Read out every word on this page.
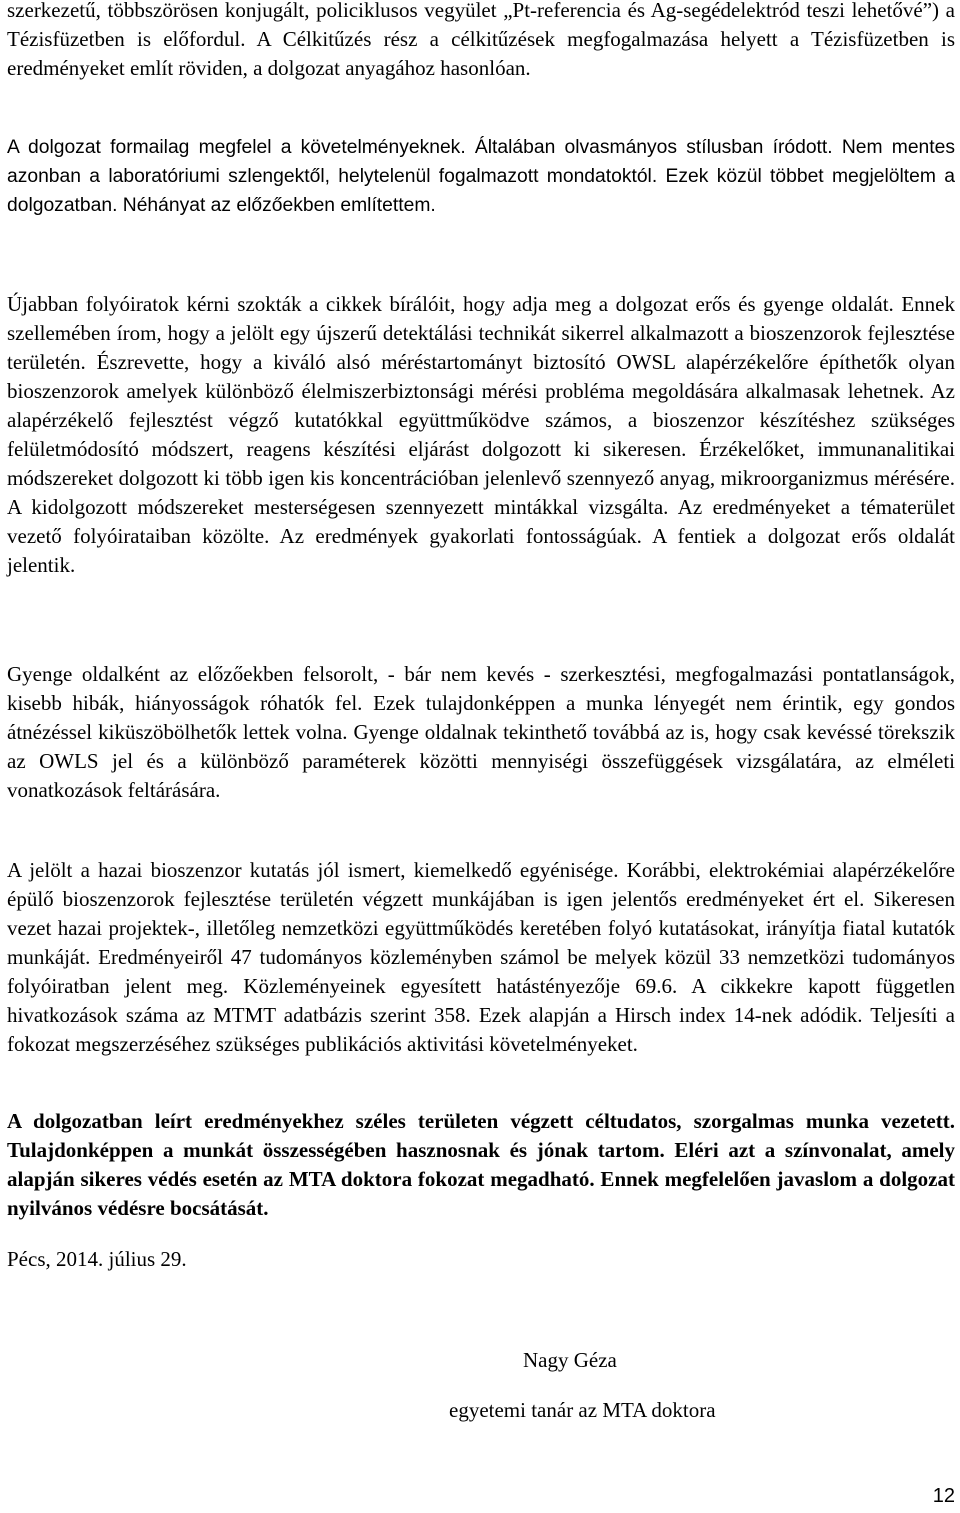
szerkezetű, többszörösen konjugált, policiklusos vegyület „Pt-referencia és Ag-segédelektród teszi lehetővé”) a Tézisfüzetben is előfordul. A Célkitűzés rész a célkitűzések megfogalmazása helyett a Tézisfüzetben is eredményeket említ röviden, a dolgozat anyagához hasonlóan.

A dolgozat formailag megfelel a követelményeknek. Általában olvasmányos stílusban íródott. Nem mentes azonban a laboratóriumi szlengektől, helytelenül fogalmazott mondatoktól. Ezek közül többet megjelöltem a dolgozatban. Néhányat az előzőekben említettem.

Újabban folyóiratok kérni szokták a cikkek bírálóit, hogy adja meg a dolgozat erős és gyenge oldalát. Ennek szellemében írom, hogy a jelölt egy újszerű detektálási technikát sikerrel alkalmazott a bioszenzorok fejlesztése területén. Észrevette, hogy a kiváló alsó méréstartományt biztosító OWSL alapérzékelőre építhetők olyan bioszenzorok amelyek különböző élelmiszerbiztonsági mérési probléma megoldására alkalmasak lehetnek. Az alapérzékelő fejlesztést végző kutatókkal együttműködve számos, a bioszenzor készítéshez szükséges felületmódosító módszert, reagens készítési eljárást dolgozott ki sikeresen. Érzékelőket, immunanalitikai módszereket dolgozott ki több igen kis koncentrációban jelenlevő szennyező anyag, mikroorganizmus mérésére. A kidolgozott módszereket mesterségesen szennyezett mintákkal vizsgálta. Az eredményeket a tématerület vezető folyóirataiban közölte. Az eredmények gyakorlati fontosságúak. A fentiek a dolgozat erős oldalát jelentik.

Gyenge oldalként az előzőekben felsorolt, - bár nem kevés - szerkesztési, megfogalmazási pontatlanságok, kisebb hibák, hiányosságok róhatók fel. Ezek tulajdonképpen a munka lényegét nem érintik, egy gondos átnézéssel kiküszöbölhetők lettek volna. Gyenge oldalnak tekinthető továbbá az is, hogy csak kevéssé törekszik az OWLS jel és a különböző paraméterek közötti mennyiségi összefüggések vizsgálatára, az elméleti vonatkozások feltárására.

A jelölt a hazai bioszenzor kutatás jól ismert, kiemelkedő egyénisége. Korábbi, elektrokémiai alapérzékelőre épülő bioszenzorok fejlesztése területén végzett munkájában is igen jelentős eredményeket ért el. Sikeresen vezet hazai projektek-, illetőleg nemzetközi együttműködés keretében folyó kutatásokat, irányítja fiatal kutatók munkáját. Eredményeiről 47 tudományos közleményben számol be melyek közül 33 nemzetközi tudományos folyóiratban jelent meg. Közleményeinek egyesített hatástényezője 69.6. A cikkekre kapott független hivatkozások száma az MTMT adatbázis szerint 358. Ezek alapján a Hirsch index 14-nek adódik. Teljesíti a fokozat megszerzéséhez szükséges publikációs aktivitási követelményeket.

A dolgozatban leírt eredményekhez széles területen végzett céltudatos, szorgalmas munka vezetett. Tulajdonképpen a munkát összességében hasznosnak és jónak tartom. Eléri azt a színvonalat, amely alapján sikeres védés esetén az MTA doktora fokozat megadható. Ennek megfelelően javaslom a dolgozat nyilvános védésre bocsátását.

Pécs, 2014. július 29.

Nagy Géza
egyetemi tanár az MTA doktora
12
